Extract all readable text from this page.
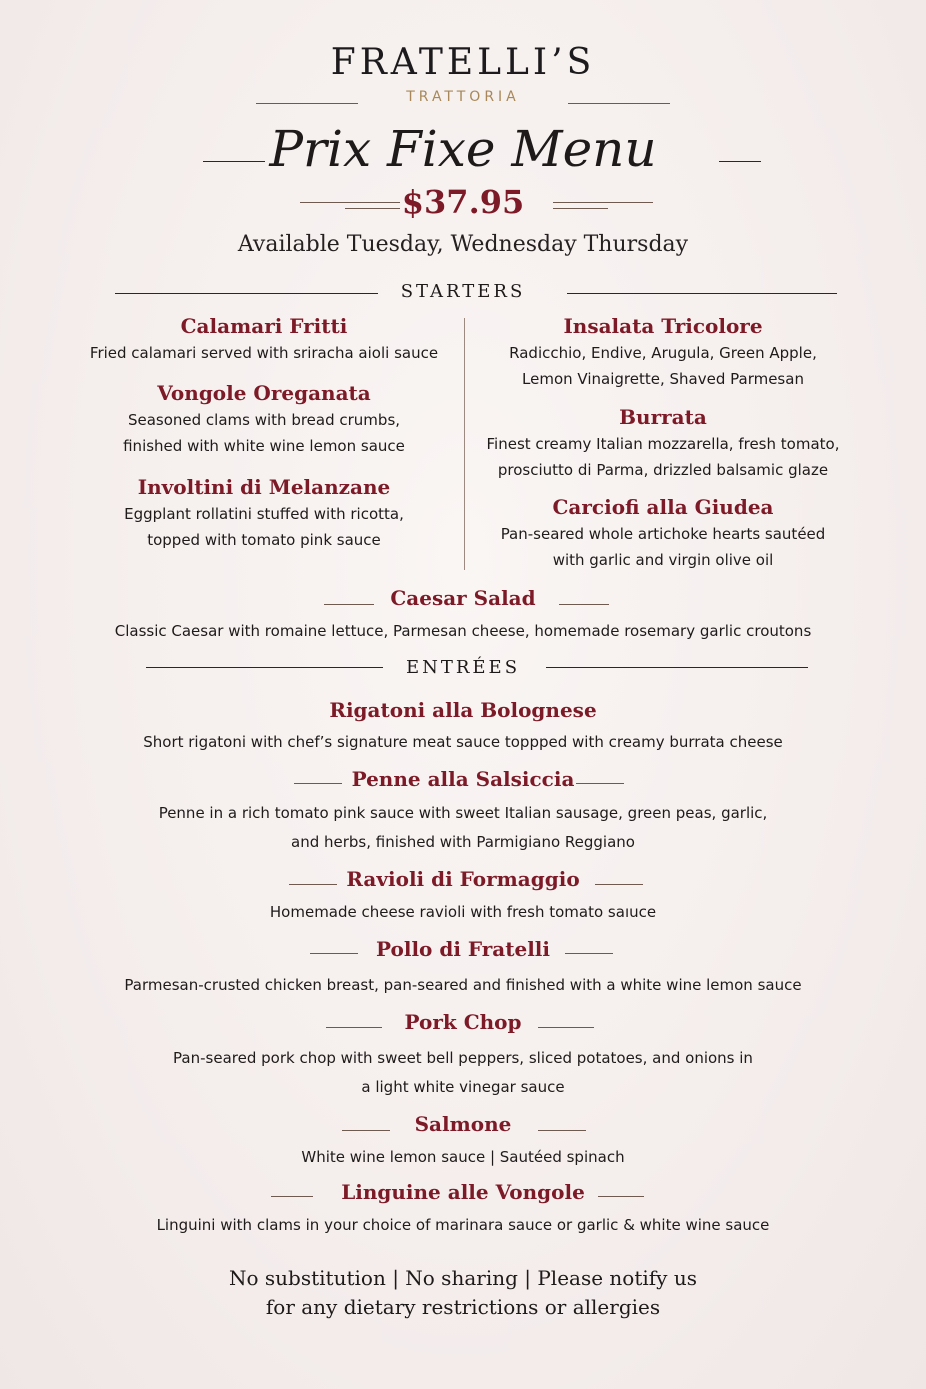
FRATELLI’S
TRATTORIA
Prix Fixe Menu
$37.95
Available Tuesday, Wednesday Thursday
STARTERS
Calamari Fritti
Fried calamari served with sriracha aioli sauce
Vongole Oreganata
Seasoned clams with bread crumbs,
finished with white wine lemon sauce
Involtini di Melanzane
Eggplant rollatini stuffed with ricotta,
topped with tomato pink sauce
Insalata Tricolore
Radicchio, Endive, Arugula, Green Apple,
Lemon Vinaigrette, Shaved Parmesan
Burrata
Finest creamy Italian mozzarella, fresh tomato,
prosciutto di Parma, drizzled balsamic glaze
Carciofi alla Giudea
Pan-seared whole artichoke hearts sautéed
with garlic and virgin olive oil
Caesar Salad
Classic Caesar with romaine lettuce, Parmesan cheese, homemade rosemary garlic croutons
ENTRÉES
Rigatoni alla Bolognese
Short rigatoni with chef’s signature meat sauce toppped with creamy burrata cheese
Penne alla Salsiccia
Penne in a rich tomato pink sauce with sweet Italian sausage, green peas, garlic,
and herbs, finished with Parmigiano Reggiano
Ravioli di Formaggio
Homemade cheese ravioli with fresh tomato saıuce
Pollo di Fratelli
Parmesan-crusted chicken breast, pan-seared and finished with a white wine lemon sauce
Pork Chop
Pan-seared pork chop with sweet bell peppers, sliced potatoes, and onions in
a light white vinegar sauce
Salmone
White wine lemon sauce | Sautéed spinach
Linguine alle Vongole
Linguini with clams in your choice of marinara sauce or garlic & white wine sauce
No substitution | No sharing | Please notify us
for any dietary restrictions or allergies
